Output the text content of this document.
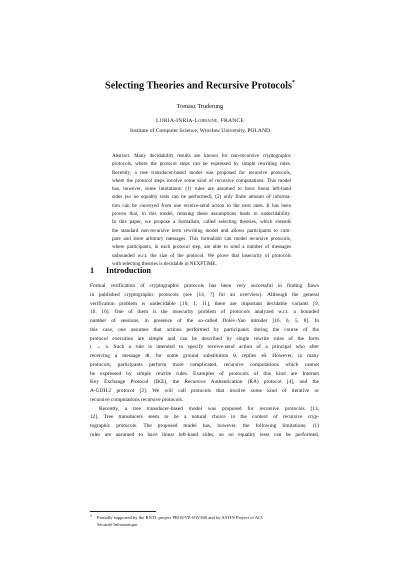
Selecting Theories and Recursive Protocols*
Tomasz Truderung
LORIA-INRIA-Lorraine, FRANCE
Institute of Computer Science, Wrocław University, POLAND
Abstract. Many decidability results are known for non-recursive cryptographic
protocols, where the protocol steps can be expressed by simple rewriting rules.
Recently, a tree transducer-based model was proposed for recursive protocols,
where the protocol steps involve some kind of recursive computations. This model
has, however, some limitations: (1) rules are assumed to have linear left-hand
sides (so no equality tests can be performed), (2) only finite amount of informa-
tion can be conveyed from one receive-send action to the next ones. It has been
proven that, in this model, relaxing these assumptions leads to undecidability.
In this paper, we propose a formalism, called selecting theories, which extends
the standard non-recursive term rewriting model and allows participants to com-
pare and store arbitrary messages. This formalism can model recursive protocols,
where participants, in each protocol step, are able to send a number of messages
unbounded w.r.t. the size of the protocol. We prove that insecurity of protocols
with selecting theories is decidable in NEXPTIME.
1 Introduction
Formal verification of cryptographic protocols has been very successful in finding flaws
in published cryptographic protocols (see [14, 7] for an overview). Although the general
verification problem is undecidable [10, 1, 11], there are important decidable variants [9,
10, 16]. One of them is the insecurity problem of protocols analyzed w.r.t. a bounded
number of sessions, in presence of the so-called Dolev-Yao intruder [16, 6, 5, 8]. In
this case, one assumes that actions performed by participants during the course of the
protocol execution are simple and can be described by single rewrite rules of the form
t → s. Such a rule is intended to specify receive-send action of a principal who after
receiving a message tθ, for some ground substitution θ, replies sθ. However, in many
protocols, participants perform more complicated, recursive computations which cannot
be expressed by simple rewrite rules. Examples of protocols of this kind are Internet
Key Exchange Protocol (IKE), the Recursive Authentication (RA) protocol [4], and the
A-GDH.2 protocol [2]. We will call protocols that involve some kind of iterative or
recursive computations recursive protocols.
Recently, a tree transducer-based model was proposed for recursive protocols [13,
12]. Tree transducers seem to be a natural choice in the context of recursive cryp-
tographic protocols. The proposed model has, however, the following limitations: (1)
rules are assumed to have linear left-hand sides, so no equality tests can be performed,
* Partially supported by the RNTL project PROUVE-03V360 and by SATIN Project of ACI
Sécurité Informatique.
